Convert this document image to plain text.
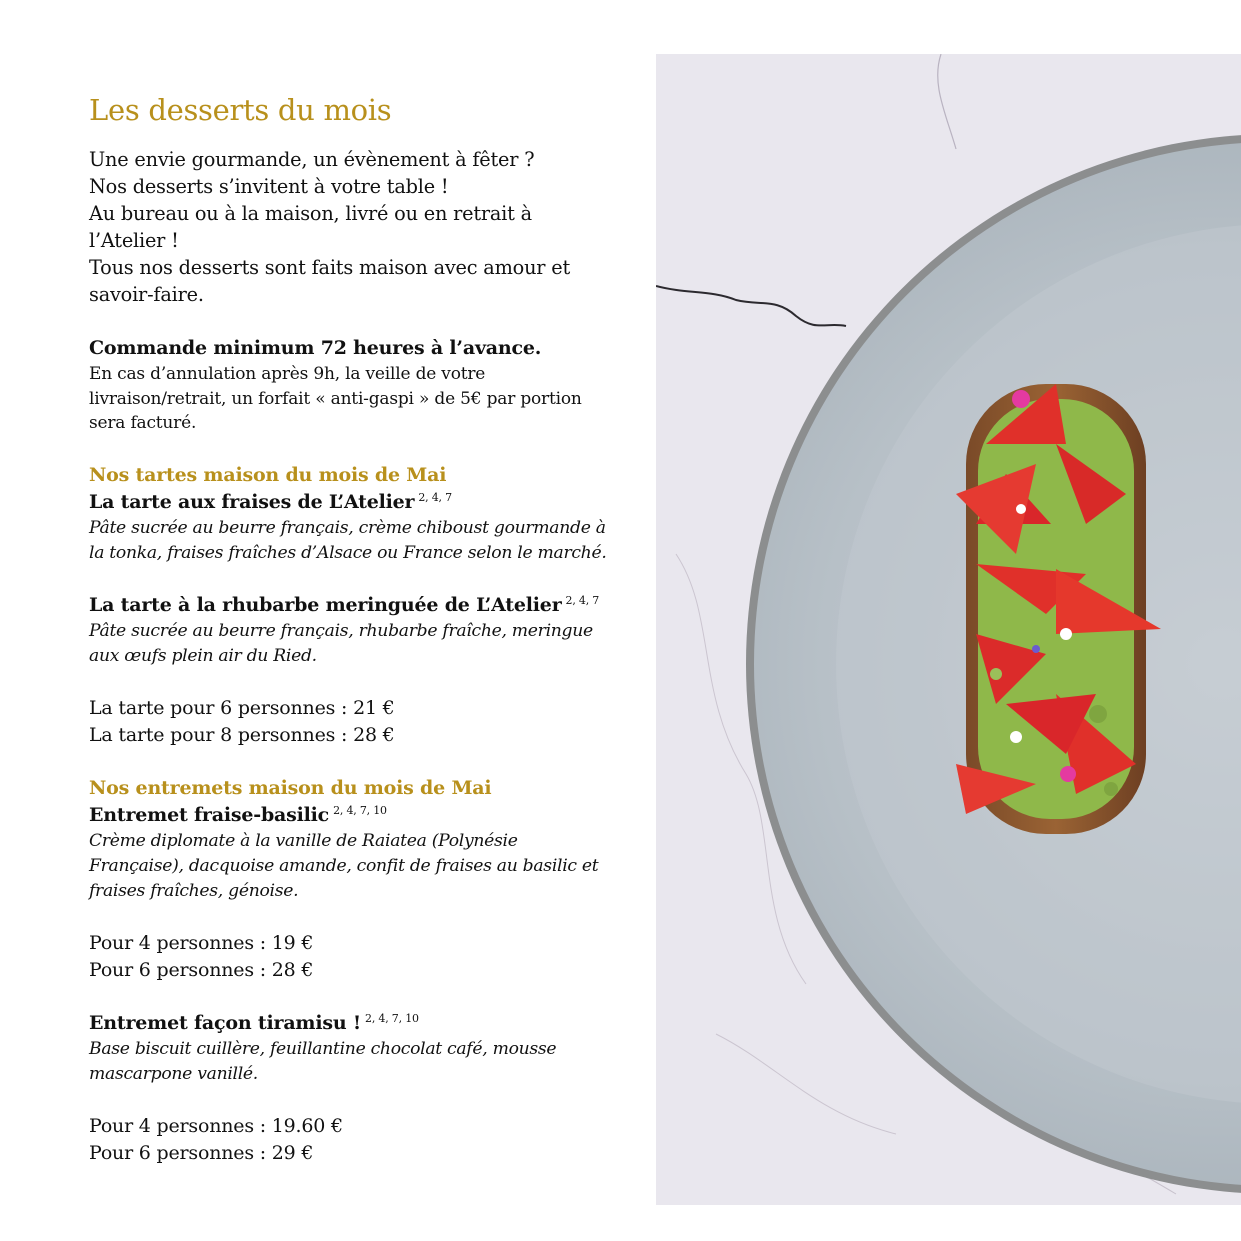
Les desserts du mois
Une envie gourmande, un évènement à fêter ?
Nos desserts s’invitent à votre table !
Au bureau ou à la maison, livré ou en retrait à
l’Atelier !
Tous nos desserts sont faits maison avec amour et
savoir-faire.
Commande minimum 72 heures à l’avance.
En cas d’annulation après 9h, la veille de votre
livraison/retrait, un forfait « anti-gaspi » de 5€ par portion
sera facturé.
Nos tartes maison du mois de Mai
La tarte aux fraises de L’Atelier $^{2, 4, 7}$
Pâte sucrée au beurre français, crème chiboust gourmande à
la tonka, fraises fraîches d’Alsace ou France selon le marché.
La tarte à la rhubarbe meringuée de L’Atelier $^{2, 4, 7}$
Pâte sucrée au beurre français, rhubarbe fraîche, meringue
aux œufs plein air du Ried.
La tarte pour 6 personnes : 21 €
La tarte pour 8 personnes : 28 €
Nos entremets maison du mois de Mai
Entremet fraise-basilic $^{2, 4, 7, 10}$
Crème diplomate à la vanille de Raiatea (Polynésie
Française), dacquoise amande, confit de fraises au basilic et
fraises fraîches, génoise.
Pour 4 personnes : 19 €
Pour 6 personnes : 28 €
Entremet façon tiramisu ! $^{2, 4, 7, 10}$
Base biscuit cuillère, feuillantine chocolat café, mousse
mascarpone vanillé.
Pour 4 personnes : 19.60 €
Pour 6 personnes : 29 €
